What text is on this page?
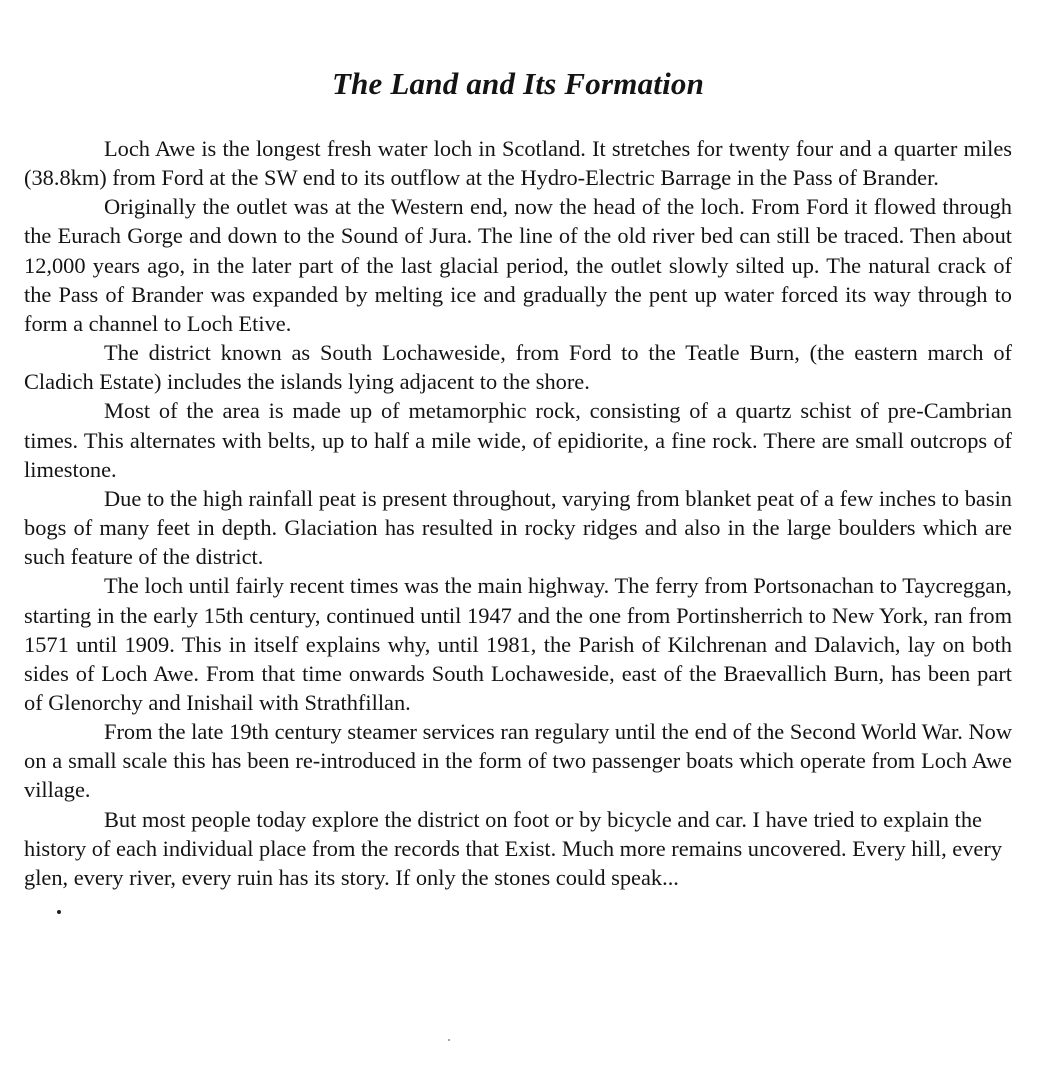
The Land and Its Formation

Loch Awe is the longest fresh water loch in Scotland. It stretches for twenty four and a quarter miles (38.8km) from Ford at the SW end to its outflow at the Hydro-Electric Barrage in the Pass of Brander.

Originally the outlet was at the Western end, now the head of the loch. From Ford it flowed through the Eurach Gorge and down to the Sound of Jura. The line of the old river bed can still be traced. Then about 12,000 years ago, in the later part of the last glacial period, the outlet slowly silted up. The natural crack of the Pass of Brander was expanded by melting ice and gradually the pent up water forced its way through to form a channel to Loch Etive.

The district known as South Lochaweside, from Ford to the Teatle Burn, (the eastern march of Cladich Estate) includes the islands lying adjacent to the shore.

Most of the area is made up of metamorphic rock, consisting of a quartz schist of pre-Cambrian times. This alternates with belts, up to half a mile wide, of epidiorite, a fine rock. There are small outcrops of limestone.

Due to the high rainfall peat is present throughout, varying from blanket peat of a few inches to basin bogs of many feet in depth. Glaciation has resulted in rocky ridges and also in the large boulders which are such feature of the district.

The loch until fairly recent times was the main highway. The ferry from Portsonachan to Taycreggan, starting in the early 15th century, continued until 1947 and the one from Portinsherrich to New York, ran from 1571 until 1909. This in itself explains why, until 1981, the Parish of Kilchrenan and Dalavich, lay on both sides of Loch Awe. From that time onwards South Lochaweside, east of the Braevallich Burn, has been part of Glenorchy and Inishail with Strathfillan.

From the late 19th century steamer services ran regulary until the end of the Second World War. Now on a small scale this has been re-introduced in the form of two passenger boats which operate from Loch Awe village.

But most people today explore the district on foot or by bicycle and car. I have tried to explain the history of each individual place from the records that Exist. Much more remains uncovered. Every hill, every glen, every river, every ruin has its story. If only the stones could speak...
